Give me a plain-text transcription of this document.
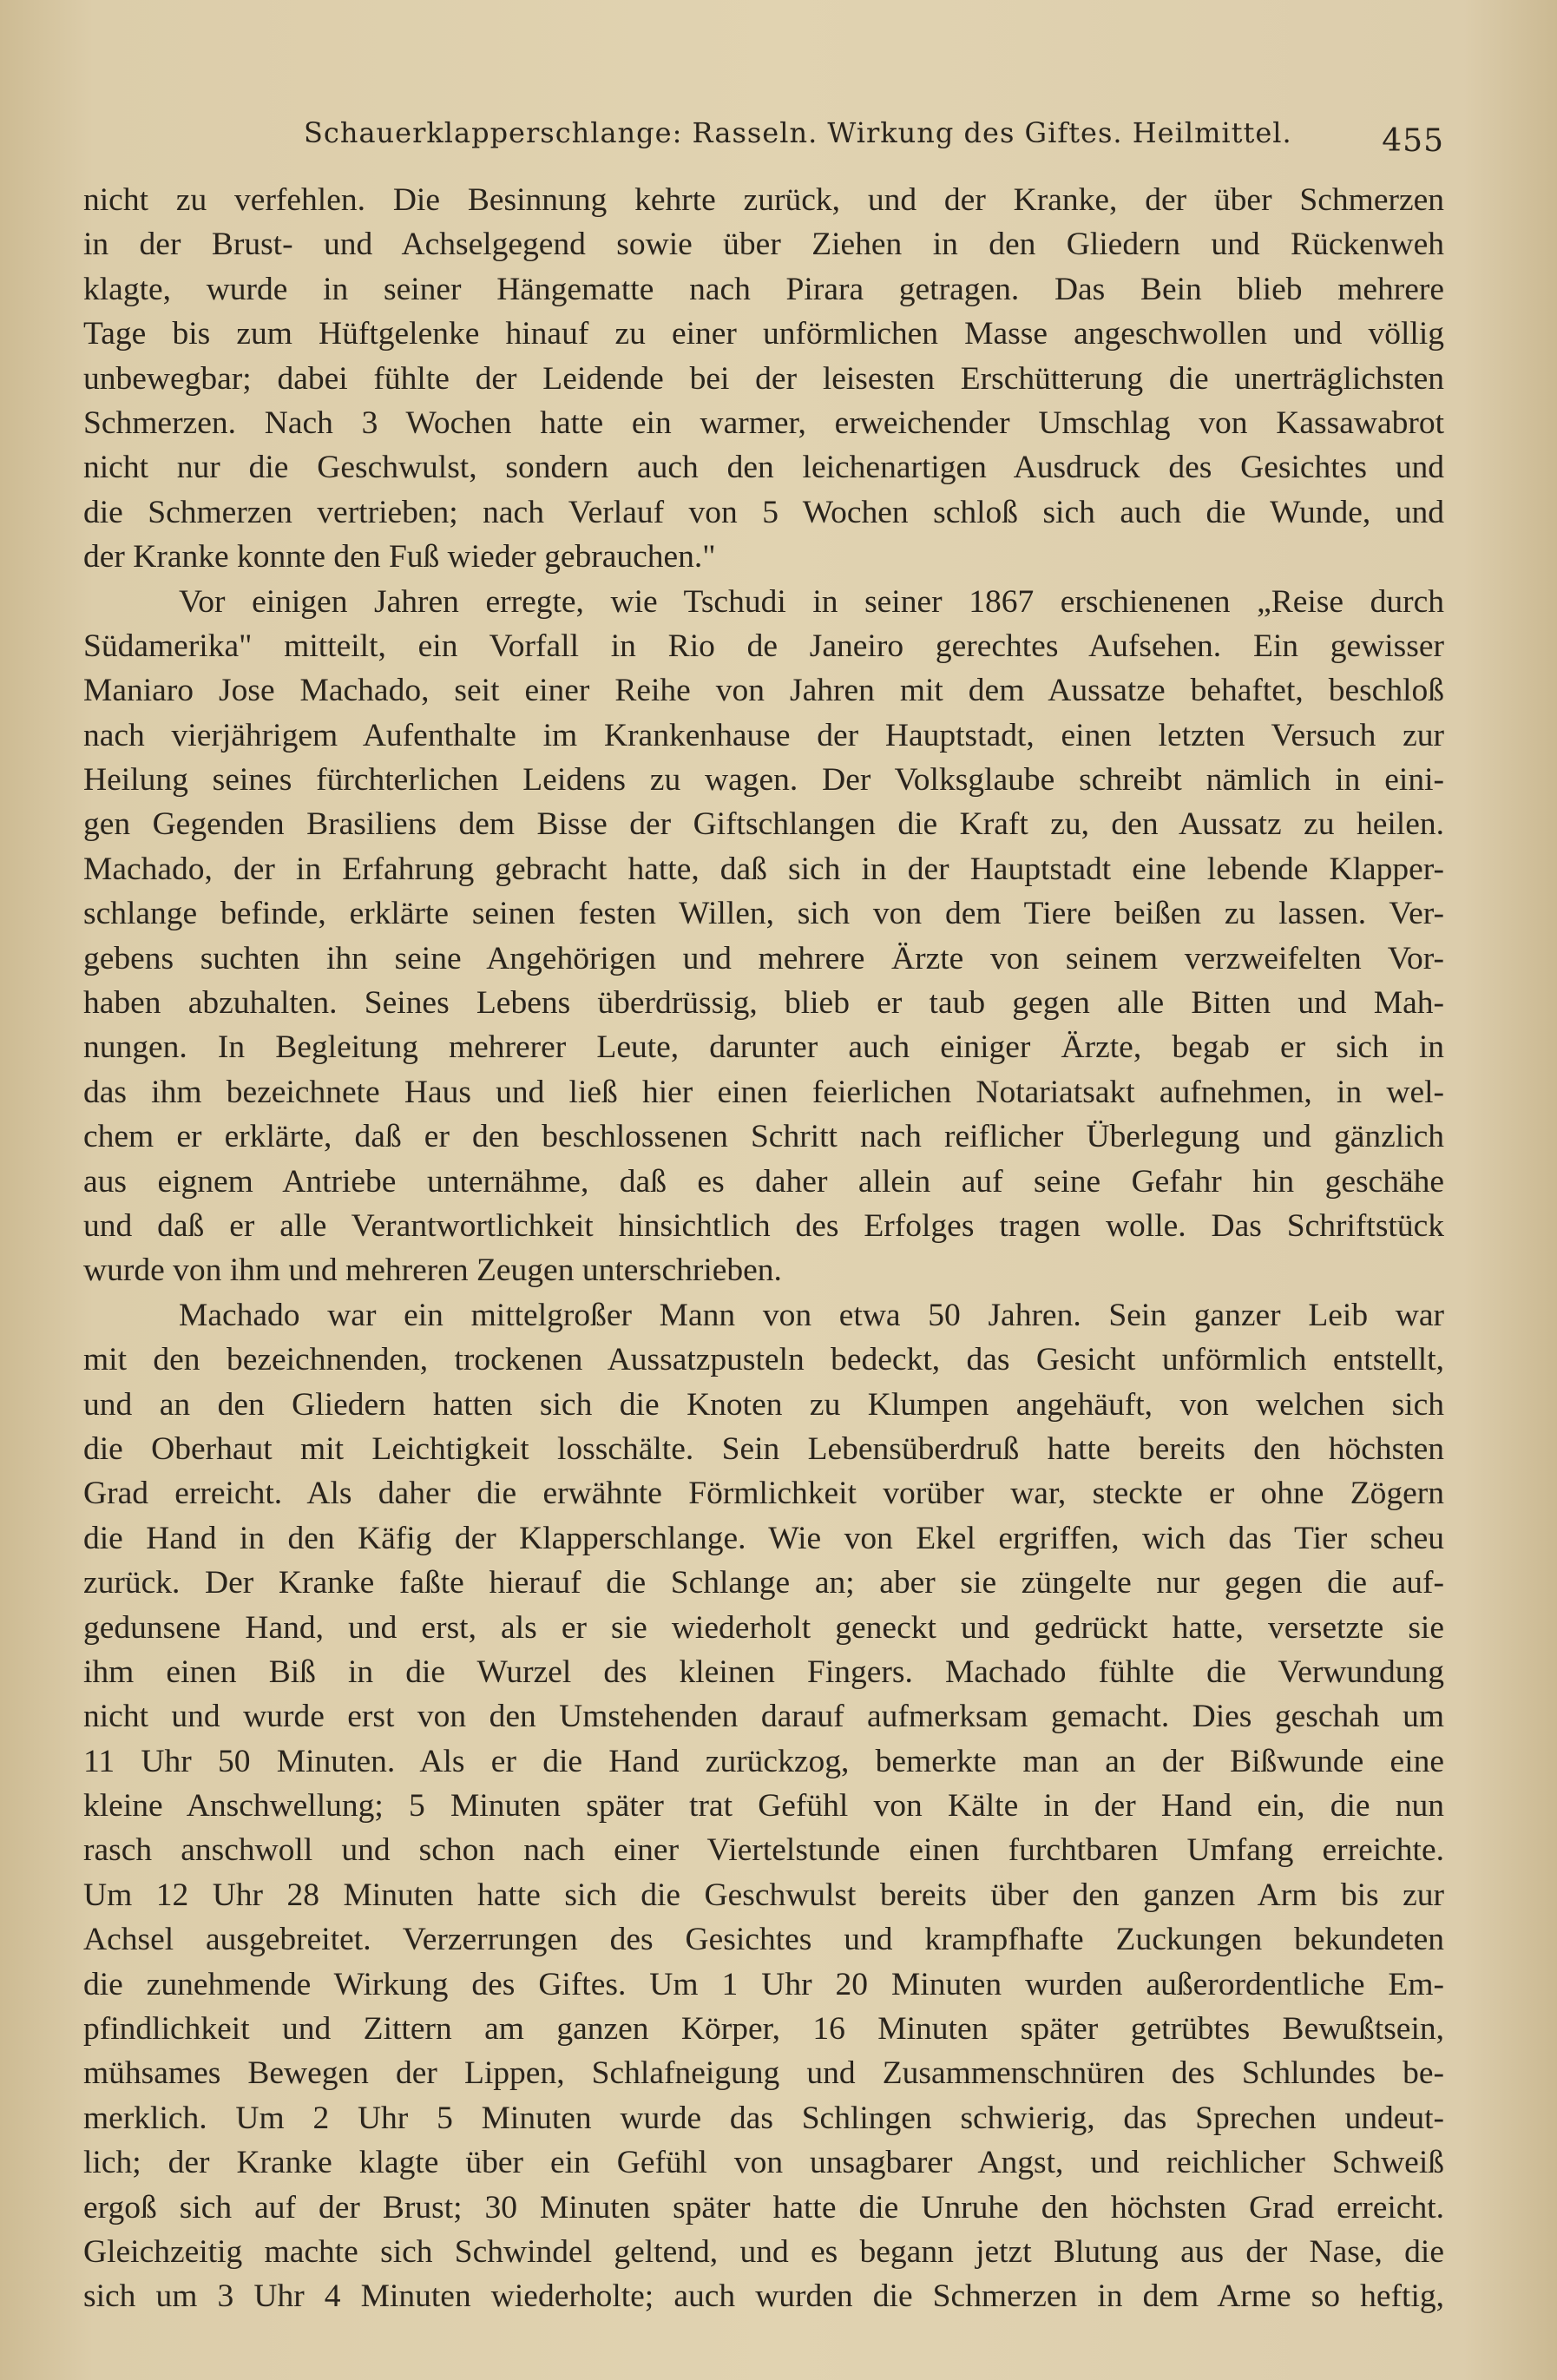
Schauerklapperschlange: Rasseln. Wirkung des Giftes. Heilmittel.	455
nicht zu verfehlen. Die Besinnung kehrte zurück, und der Kranke, der über Schmerzen
in der Brust- und Achselgegend sowie über Ziehen in den Gliedern und Rückenweh
klagte, wurde in seiner Hängematte nach Pirara getragen. Das Bein blieb mehrere
Tage bis zum Hüftgelenke hinauf zu einer unförmlichen Masse angeschwollen und völlig
unbewegbar; dabei fühlte der Leidende bei der leisesten Erschütterung die unerträglichsten
Schmerzen. Nach 3 Wochen hatte ein warmer, erweichender Umschlag von Kassawabrot
nicht nur die Geschwulst, sondern auch den leichenartigen Ausdruck des Gesichtes und
die Schmerzen vertrieben; nach Verlauf von 5 Wochen schloß sich auch die Wunde, und
der Kranke konnte den Fuß wieder gebrauchen."
Vor einigen Jahren erregte, wie Tschudi in seiner 1867 erschienenen „Reise durch
Südamerika" mitteilt, ein Vorfall in Rio de Janeiro gerechtes Aufsehen. Ein gewisser
Maniaro Jose Machado, seit einer Reihe von Jahren mit dem Aussatze behaftet, beschloß
nach vierjährigem Aufenthalte im Krankenhause der Hauptstadt, einen letzten Versuch zur
Heilung seines fürchterlichen Leidens zu wagen. Der Volksglaube schreibt nämlich in eini-
gen Gegenden Brasiliens dem Bisse der Giftschlangen die Kraft zu, den Aussatz zu heilen.
Machado, der in Erfahrung gebracht hatte, daß sich in der Hauptstadt eine lebende Klapper-
schlange befinde, erklärte seinen festen Willen, sich von dem Tiere beißen zu lassen. Ver-
gebens suchten ihn seine Angehörigen und mehrere Ärzte von seinem verzweifelten Vor-
haben abzuhalten. Seines Lebens überdrüssig, blieb er taub gegen alle Bitten und Mah-
nungen. In Begleitung mehrerer Leute, darunter auch einiger Ärzte, begab er sich in
das ihm bezeichnete Haus und ließ hier einen feierlichen Notariatsakt aufnehmen, in wel-
chem er erklärte, daß er den beschlossenen Schritt nach reiflicher Überlegung und gänzlich
aus eignem Antriebe unternähme, daß es daher allein auf seine Gefahr hin geschähe
und daß er alle Verantwortlichkeit hinsichtlich des Erfolges tragen wolle. Das Schriftstück
wurde von ihm und mehreren Zeugen unterschrieben.
Machado war ein mittelgroßer Mann von etwa 50 Jahren. Sein ganzer Leib war
mit den bezeichnenden, trockenen Aussatzpusteln bedeckt, das Gesicht unförmlich entstellt,
und an den Gliedern hatten sich die Knoten zu Klumpen angehäuft, von welchen sich
die Oberhaut mit Leichtigkeit losschälte. Sein Lebensüberdruß hatte bereits den höchsten
Grad erreicht. Als daher die erwähnte Förmlichkeit vorüber war, steckte er ohne Zögern
die Hand in den Käfig der Klapperschlange. Wie von Ekel ergriffen, wich das Tier scheu
zurück. Der Kranke faßte hierauf die Schlange an; aber sie züngelte nur gegen die auf-
gedunsene Hand, und erst, als er sie wiederholt geneckt und gedrückt hatte, versetzte sie
ihm einen Biß in die Wurzel des kleinen Fingers. Machado fühlte die Verwundung
nicht und wurde erst von den Umstehenden darauf aufmerksam gemacht. Dies geschah um
11 Uhr 50 Minuten. Als er die Hand zurückzog, bemerkte man an der Bißwunde eine
kleine Anschwellung; 5 Minuten später trat Gefühl von Kälte in der Hand ein, die nun
rasch anschwoll und schon nach einer Viertelstunde einen furchtbaren Umfang erreichte.
Um 12 Uhr 28 Minuten hatte sich die Geschwulst bereits über den ganzen Arm bis zur
Achsel ausgebreitet. Verzerrungen des Gesichtes und krampfhafte Zuckungen bekundeten
die zunehmende Wirkung des Giftes. Um 1 Uhr 20 Minuten wurden außerordentliche Em-
pfindlichkeit und Zittern am ganzen Körper, 16 Minuten später getrübtes Bewußtsein,
mühsames Bewegen der Lippen, Schlafneigung und Zusammenschnüren des Schlundes be-
merklich. Um 2 Uhr 5 Minuten wurde das Schlingen schwierig, das Sprechen undeut-
lich; der Kranke klagte über ein Gefühl von unsagbarer Angst, und reichlicher Schweiß
ergoß sich auf der Brust; 30 Minuten später hatte die Unruhe den höchsten Grad erreicht.
Gleichzeitig machte sich Schwindel geltend, und es begann jetzt Blutung aus der Nase, die
sich um 3 Uhr 4 Minuten wiederholte; auch wurden die Schmerzen in dem Arme so heftig,
